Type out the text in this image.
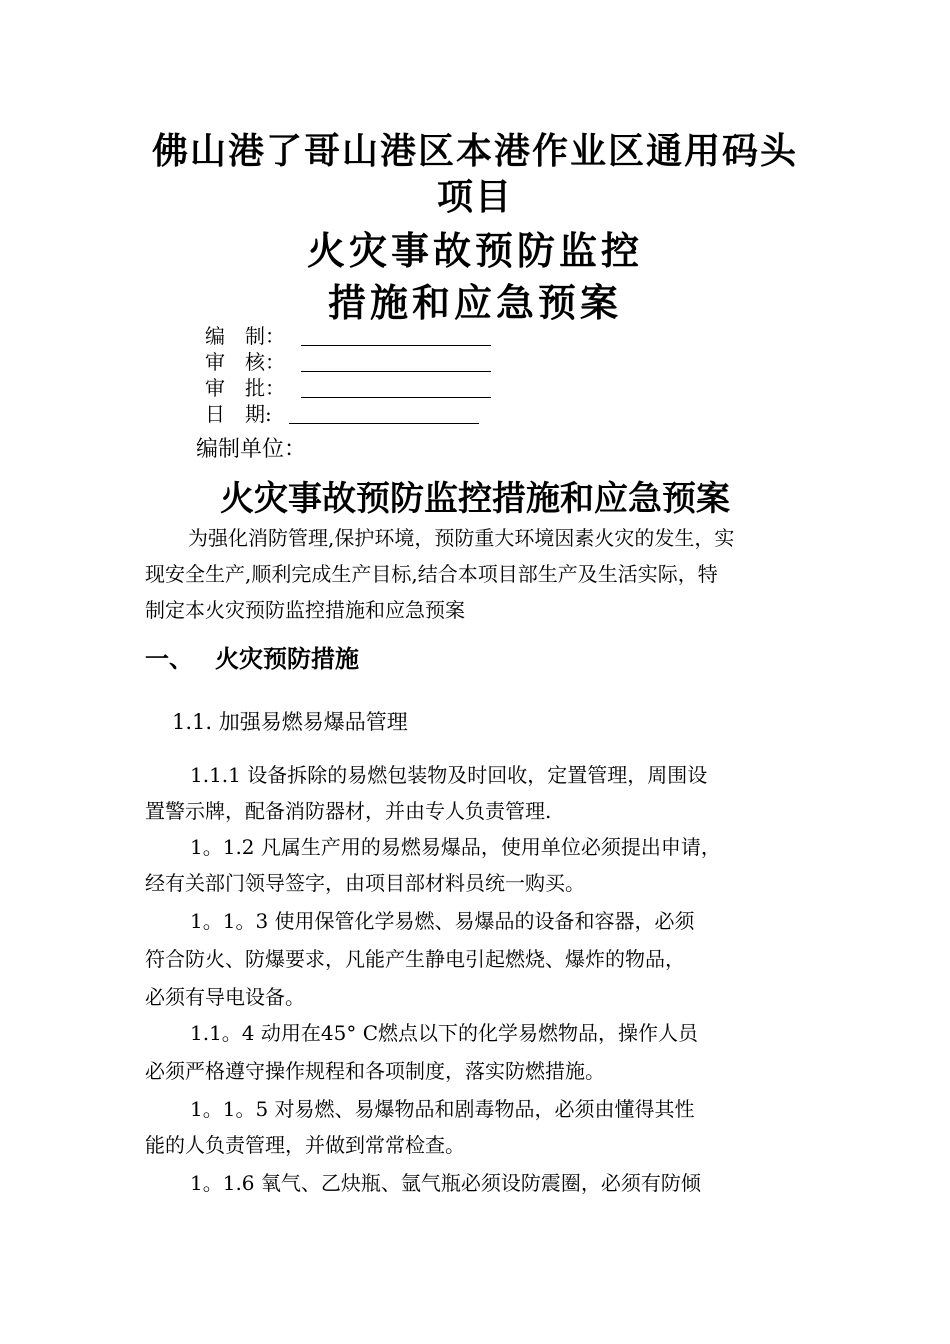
佛山港了哥山港区本港作业区通用码头
项目
火灾事故预防监控
措施和应急预案
编　制：
审　核：
审　批：
日　期:
编制单位：
火灾事故预防监控措施和应急预案
为强化消防管理,保护环境，预防重大环境因素火灾的发生，实
现安全生产,顺利完成生产目标,结合本项目部生产及生活实际，特
制定本火灾预防监控措施和应急预案
一、 火灾预防措施
1.1. 加强易燃易爆品管理
1.1.1 设备拆除的易燃包装物及时回收，定置管理，周围设
置警示牌，配备消防器材，并由专人负责管理.
1。1.2 凡属生产用的易燃易爆品，使用单位必须提出申请，
经有关部门领导签字，由项目部材料员统一购买。
1。1。3 使用保管化学易燃、易爆品的设备和容器，必须
符合防火、防爆要求，凡能产生静电引起燃烧、爆炸的物品，
必须有导电设备。
1.1。4 动用在45° C燃点以下的化学易燃物品，操作人员
必须严格遵守操作规程和各项制度，落实防燃措施。
1。1。5 对易燃、易爆物品和剧毒物品，必须由懂得其性
能的人负责管理，并做到常常检查。
1。1.6 氧气、乙炔瓶、氩气瓶必须设防震圈，必须有防倾
